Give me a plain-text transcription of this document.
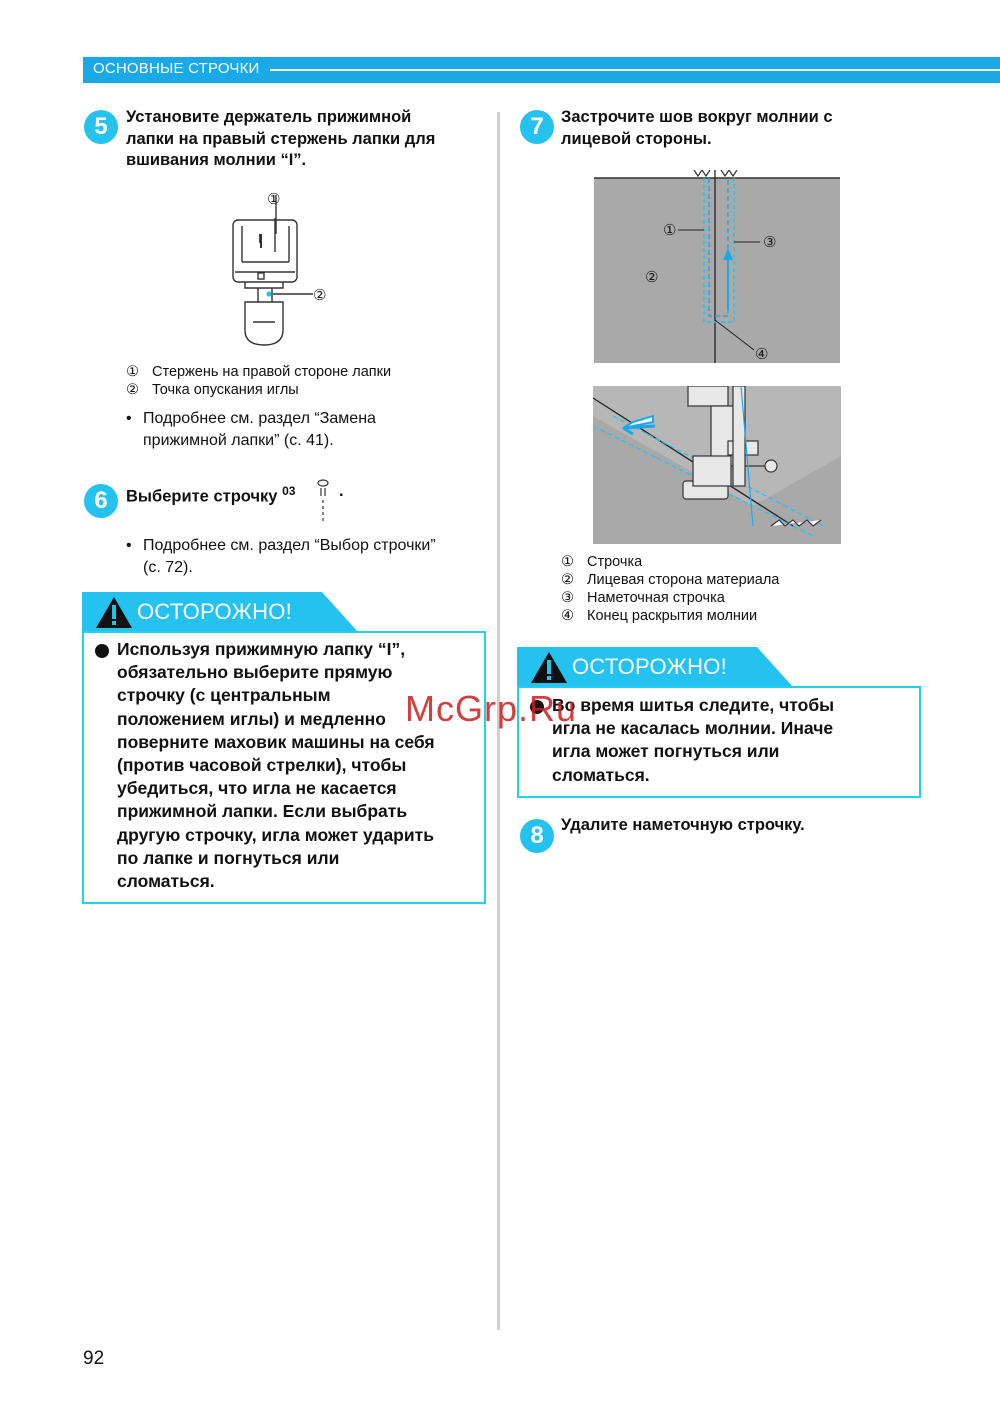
ОСНОВНЫЕ СТРОЧКИ
5	Установите держатель прижимной
лапки на правый стержень лапки для
вшивания молнии “I”.
I
①
②
① Стержень на правой стороне лапки
② Точка опускания иглы
• Подробнее см. раздел “Замена
прижимной лапки” (с. 41).
6	Выберите строчку $^{03}$	.
• Подробнее см. раздел “Выбор строчки”
(с. 72).
ОСТОРОЖНО!
Используя прижимную лапку “I”,
обязательно выберите прямую
строчку (с центральным
положением иглы) и медленно
поверните маховик машины на себя
(против часовой стрелки), чтобы
убедиться, что игла не касается
прижимной лапки. Если выбрать
другую строчку, игла может ударить
по лапке и погнуться или
сломаться.
7	Застрочите шов вокруг молнии с
лицевой стороны.
①
②
③
④
① Строчка
② Лицевая сторона материала
③ Наметочная строчка
④ Конец раскрытия молнии
ОСТОРОЖНО!
Во время шитья следите, чтобы
игла не касалась молнии. Иначе
игла может погнуться или
сломаться.
8	Удалите наметочную строчку.
McGrp.Ru
92
